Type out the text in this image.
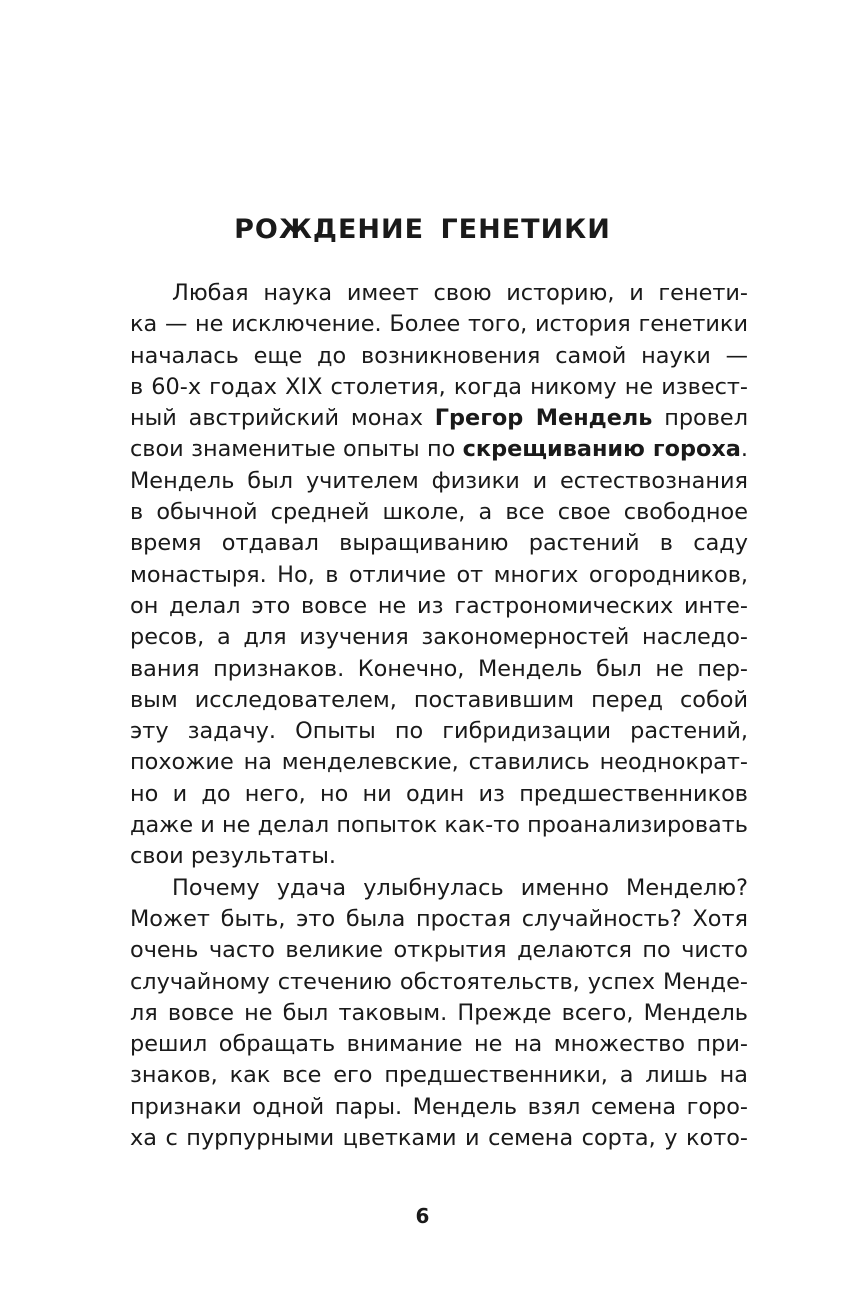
РОЖДЕНИЕ ГЕНЕТИКИ
Любая наука имеет свою историю, и генети-
ка — не исключение. Более того, история генетики
началась еще до возникновения самой науки —
в 60-х годах XIX столетия, когда никому не извест-
ный австрийский монах Грегор Мендель провел
свои знаменитые опыты по скрещиванию гороха.
Мендель был учителем физики и естествознания
в обычной средней школе, а все свое свободное
время отдавал выращиванию растений в саду
монастыря. Но, в отличие от многих огородников,
он делал это вовсе не из гастрономических инте-
ресов, а для изучения закономерностей наследо-
вания признаков. Конечно, Мендель был не пер-
вым исследователем, поставившим перед собой
эту задачу. Опыты по гибридизации растений,
похожие на менделевские, ставились неоднократ-
но и до него, но ни один из предшественников
даже и не делал попыток как-то проанализировать
свои результаты.
Почему удача улыбнулась именно Менделю?
Может быть, это была простая случайность? Хотя
очень часто великие открытия делаются по чисто
случайному стечению обстоятельств, успех Менде-
ля вовсе не был таковым. Прежде всего, Мендель
решил обращать внимание не на множество при-
знаков, как все его предшественники, а лишь на
признаки одной пары. Мендель взял семена горо-
ха с пурпурными цветками и семена сорта, у кото-
6
